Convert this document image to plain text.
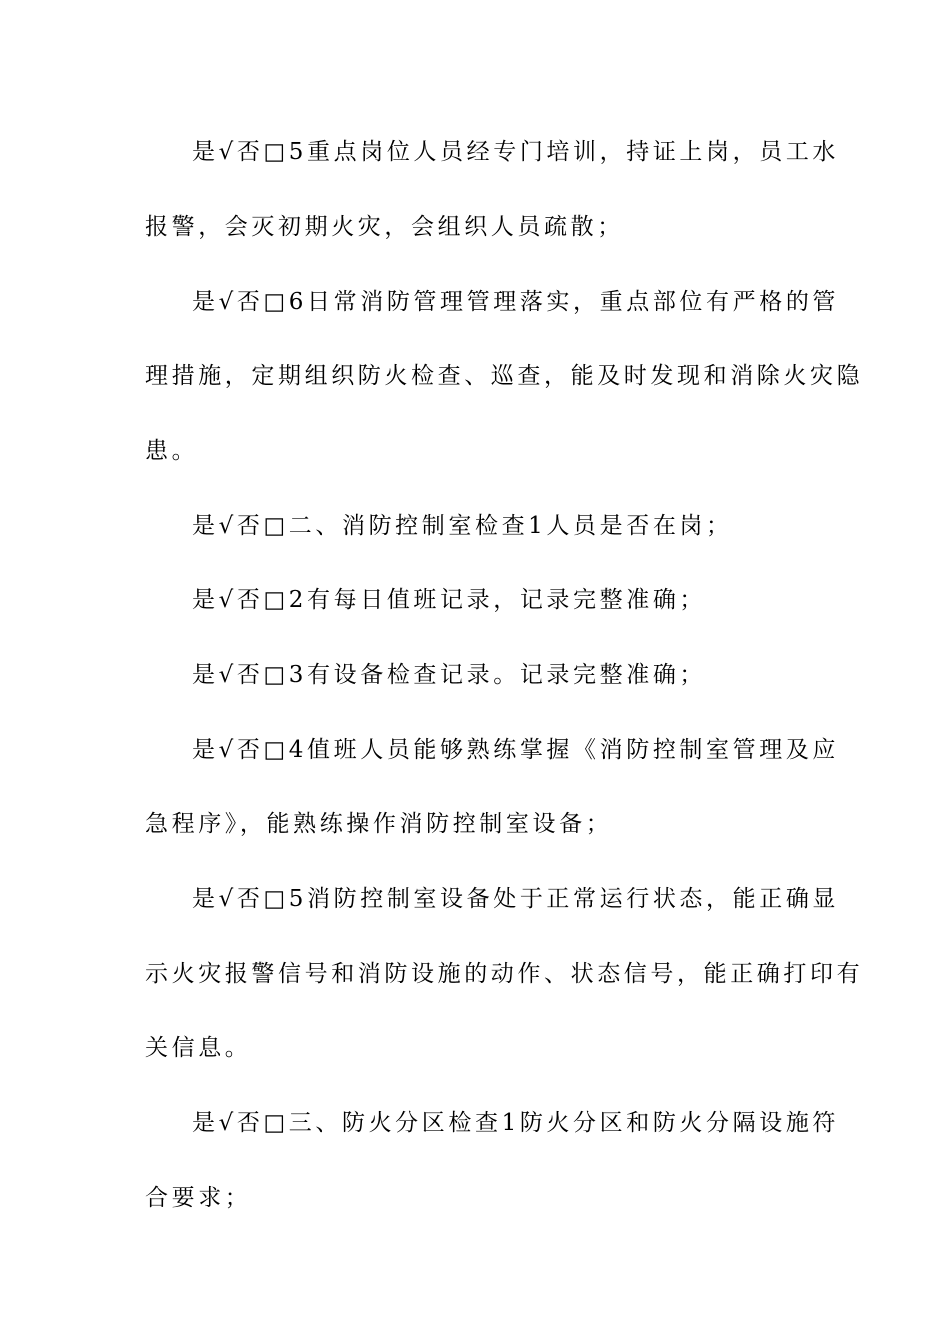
是√否□5重点岗位人员经专门培训，持证上岗，员工水
报警，会灭初期火灾，会组织人员疏散；
是√否□6日常消防管理管理落实，重点部位有严格的管
理措施，定期组织防火检查、巡查，能及时发现和消除火灾隐
患。
是√否□二、消防控制室检查1人员是否在岗；
是√否□2有每日值班记录，记录完整准确；
是√否□3有设备检查记录。记录完整准确；
是√否□4值班人员能够熟练掌握《消防控制室管理及应
急程序》，能熟练操作消防控制室设备；
是√否□5消防控制室设备处于正常运行状态，能正确显
示火灾报警信号和消防设施的动作、状态信号，能正确打印有
关信息。
是√否□三、防火分区检查1防火分区和防火分隔设施符
合要求；
